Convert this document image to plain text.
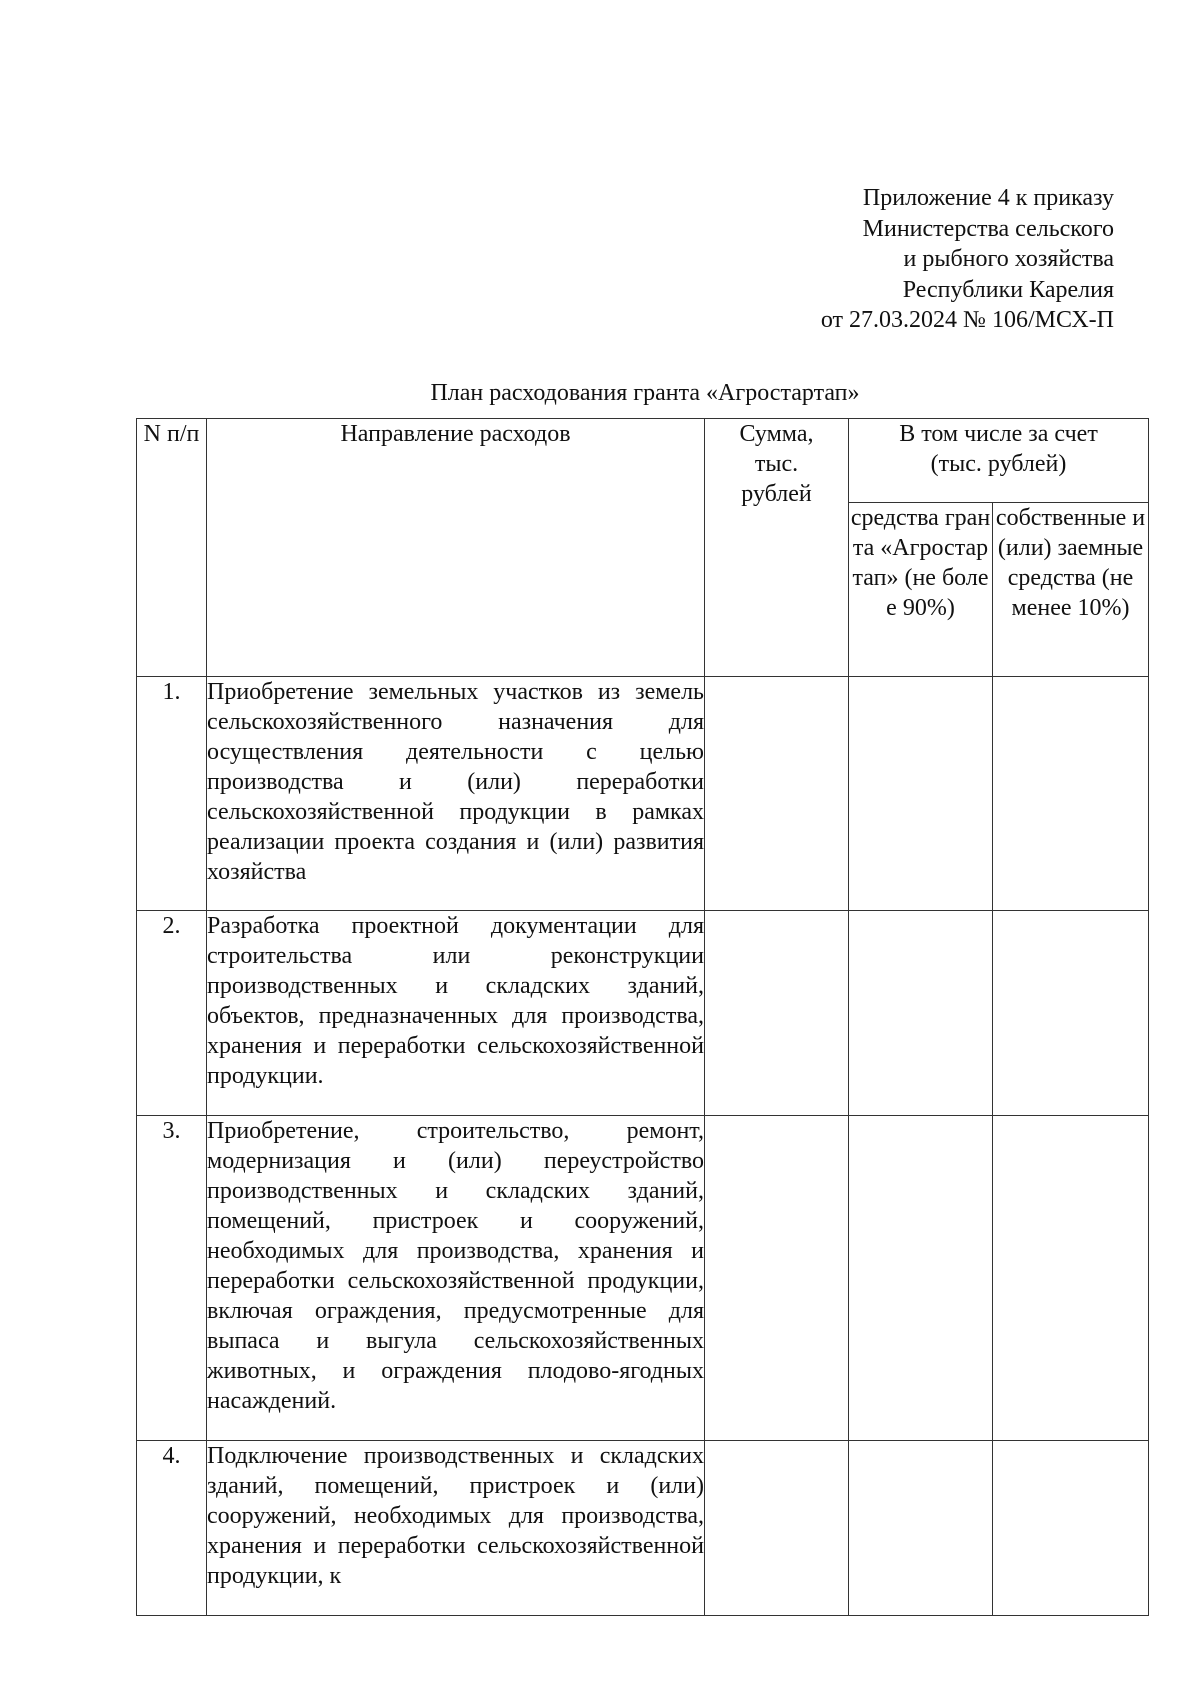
Приложение 4 к приказу
Министерства сельского
и рыбного хозяйства
Республики Карелия
от 27.03.2024 № 106/МСХ-П
План расходования гранта «Агростартап»
N п/п	Направление расходов	Сумма, тыс. рублей	В том числе за счет (тыс. рублей)	
			средства гранта «Агростартап» (не более 90%)	собственные и (или) заемные средства (не менее 10%)
1.	Приобретение земельных участков из земель сельскохозяйственного назначения для осуществления деятельности с целью производства и (или) переработки сельскохозяйственной продукции в рамках реализации проекта создания и (или) развития хозяйства			
2.	Разработка проектной документации для строительства или реконструкции производственных и складских зданий, объектов, предназначенных для производства, хранения и переработки сельскохозяйственной продукции.			
3.	Приобретение, строительство, ремонт, модернизация и (или) переустройство производственных и складских зданий, помещений, пристроек и сооружений, необходимых для производства, хранения и переработки сельскохозяйственной продукции, включая ограждения, предусмотренные для выпаса и выгула сельскохозяйственных животных, и ограждения плодово-ягодных насаждений.			
4.	Подключение производственных и складских зданий, помещений, пристроек и (или) сооружений, необходимых для производства, хранения и переработки сельскохозяйственной продукции, к			
